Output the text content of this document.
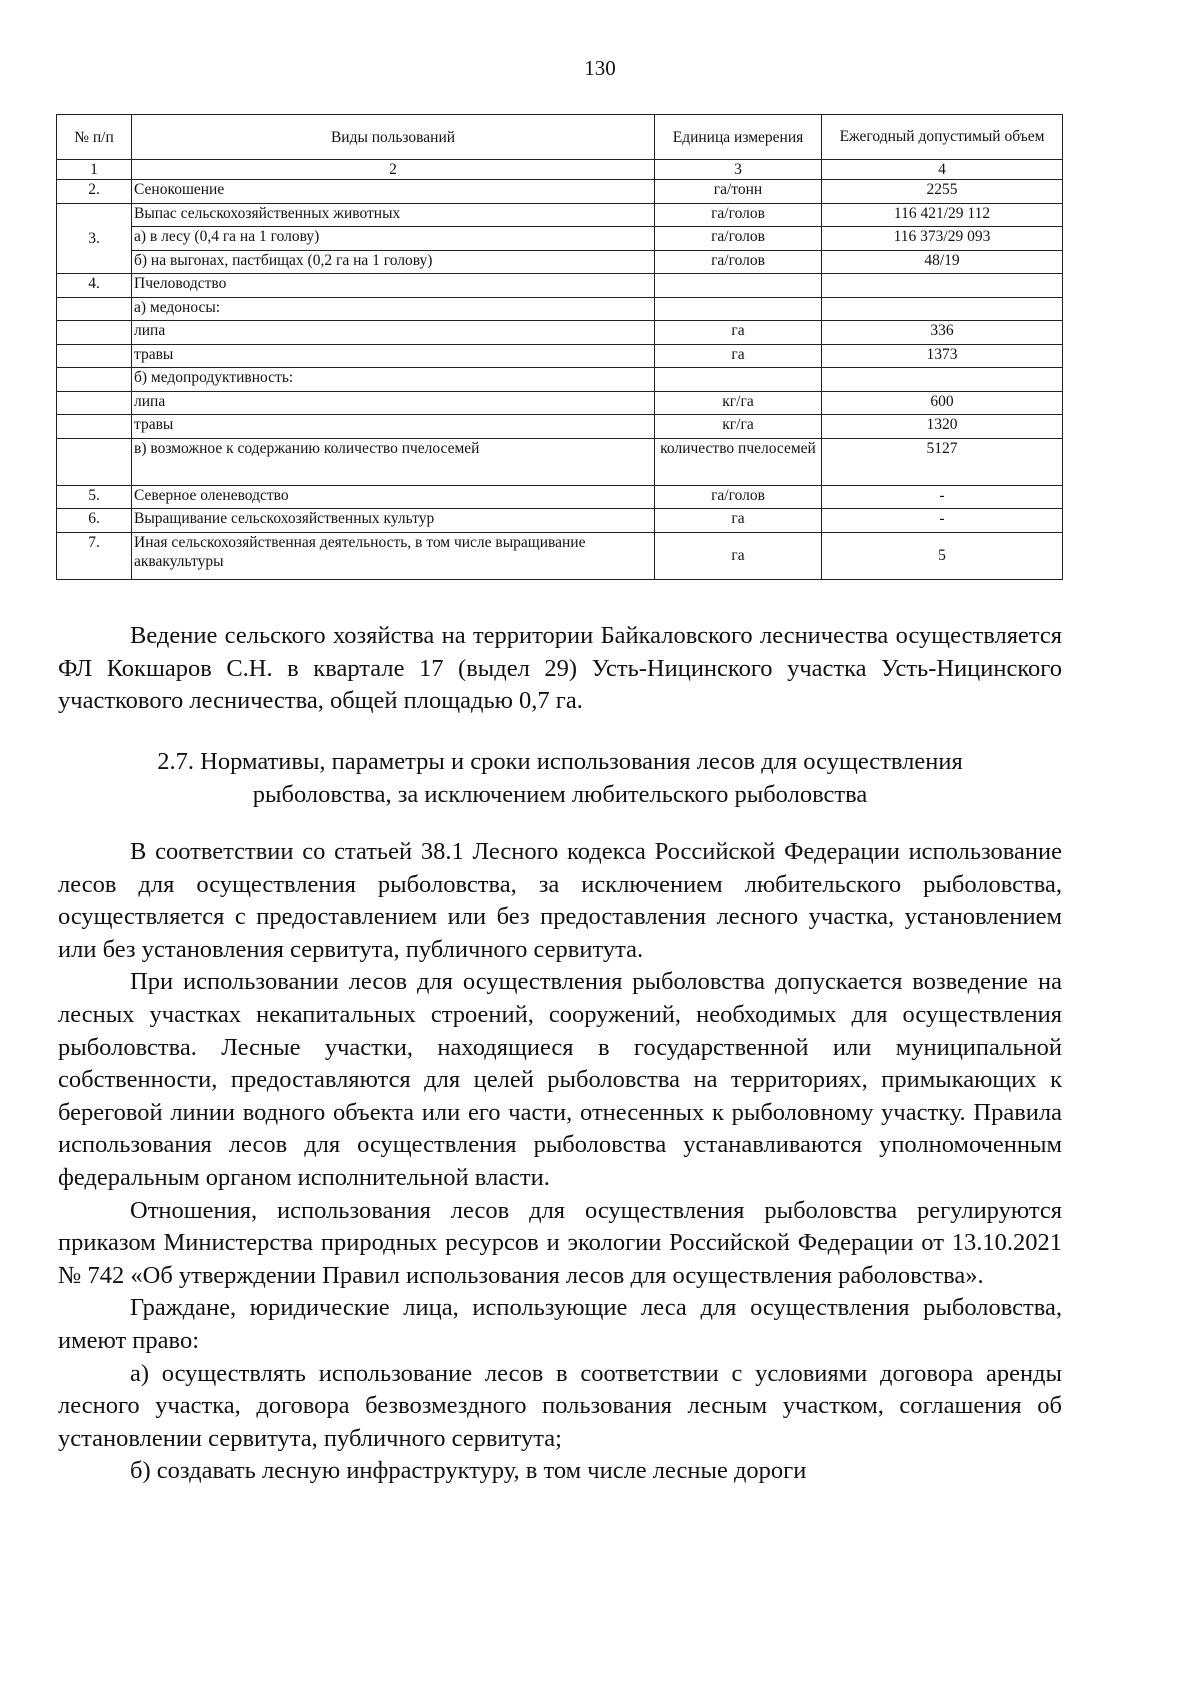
130
№ п/п	Виды пользований	Единица измерения	Ежегодный допустимый объем
1	2	3	4
2.	Сенокошение	га/тонн	2255
3.	Выпас сельскохозяйственных животных	га/голов	116 421/29 112
	а) в лесу (0,4 га на 1 голову)	га/голов	116 373/29 093
	б) на выгонах, пастбищах (0,2 га на 1 голову)	га/голов	48/19
4.	Пчеловодство		
	а) медоносы:		
	липа	га	336
	травы	га	1373
	б) медопродуктивность:		
	липа	кг/га	600
	травы	кг/га	1320
	в) возможное к содержанию количество пчелосемей	количество пчелосемей	5127
5.	Северное оленеводство	га/голов	-
6.	Выращивание сельскохозяйственных культур	га	-
7.	Иная сельскохозяйственная деятельность, в том числе выращивание аквакультуры	га	5

Ведение сельского хозяйства на территории Байкаловского лесничества осуществляется ФЛ Кокшаров С.Н. в квартале 17 (выдел 29) Усть-Ницинского участка Усть-Ницинского участкового лесничества, общей площадью 0,7 га.

2.7. Нормативы, параметры и сроки использования лесов для осуществления
рыболовства, за исключением любительского рыболовства

В соответствии со статьей 38.1 Лесного кодекса Российской Федерации использование лесов для осуществления рыболовства, за исключением любительского рыболовства, осуществляется с предоставлением или без предоставления лесного участка, установлением или без установления сервитута, публичного сервитута.

При использовании лесов для осуществления рыболовства допускается возведение на лесных участках некапитальных строений, сооружений, необходимых для осуществления рыболовства. Лесные участки, находящиеся в государственной или муниципальной собственности, предоставляются для целей рыболовства на территориях, примыкающих к береговой линии водного объекта или его части, отнесенных к рыболовному участку. Правила использования лесов для осуществления рыболовства устанавливаются уполномоченным федеральным органом исполнительной власти.

Отношения, использования лесов для осуществления рыболовства регулируются приказом Министерства природных ресурсов и экологии Российской Федерации от 13.10.2021 № 742 «Об утверждении Правил использования лесов для осуществления раболовства».

Граждане, юридические лица, использующие леса для осуществления рыболовства, имеют право:

а) осуществлять использование лесов в соответствии с условиями договора аренды лесного участка, договора безвозмездного пользования лесным участком, соглашения об установлении сервитута, публичного сервитута;

б) создавать лесную инфраструктуру, в том числе лесные дороги
